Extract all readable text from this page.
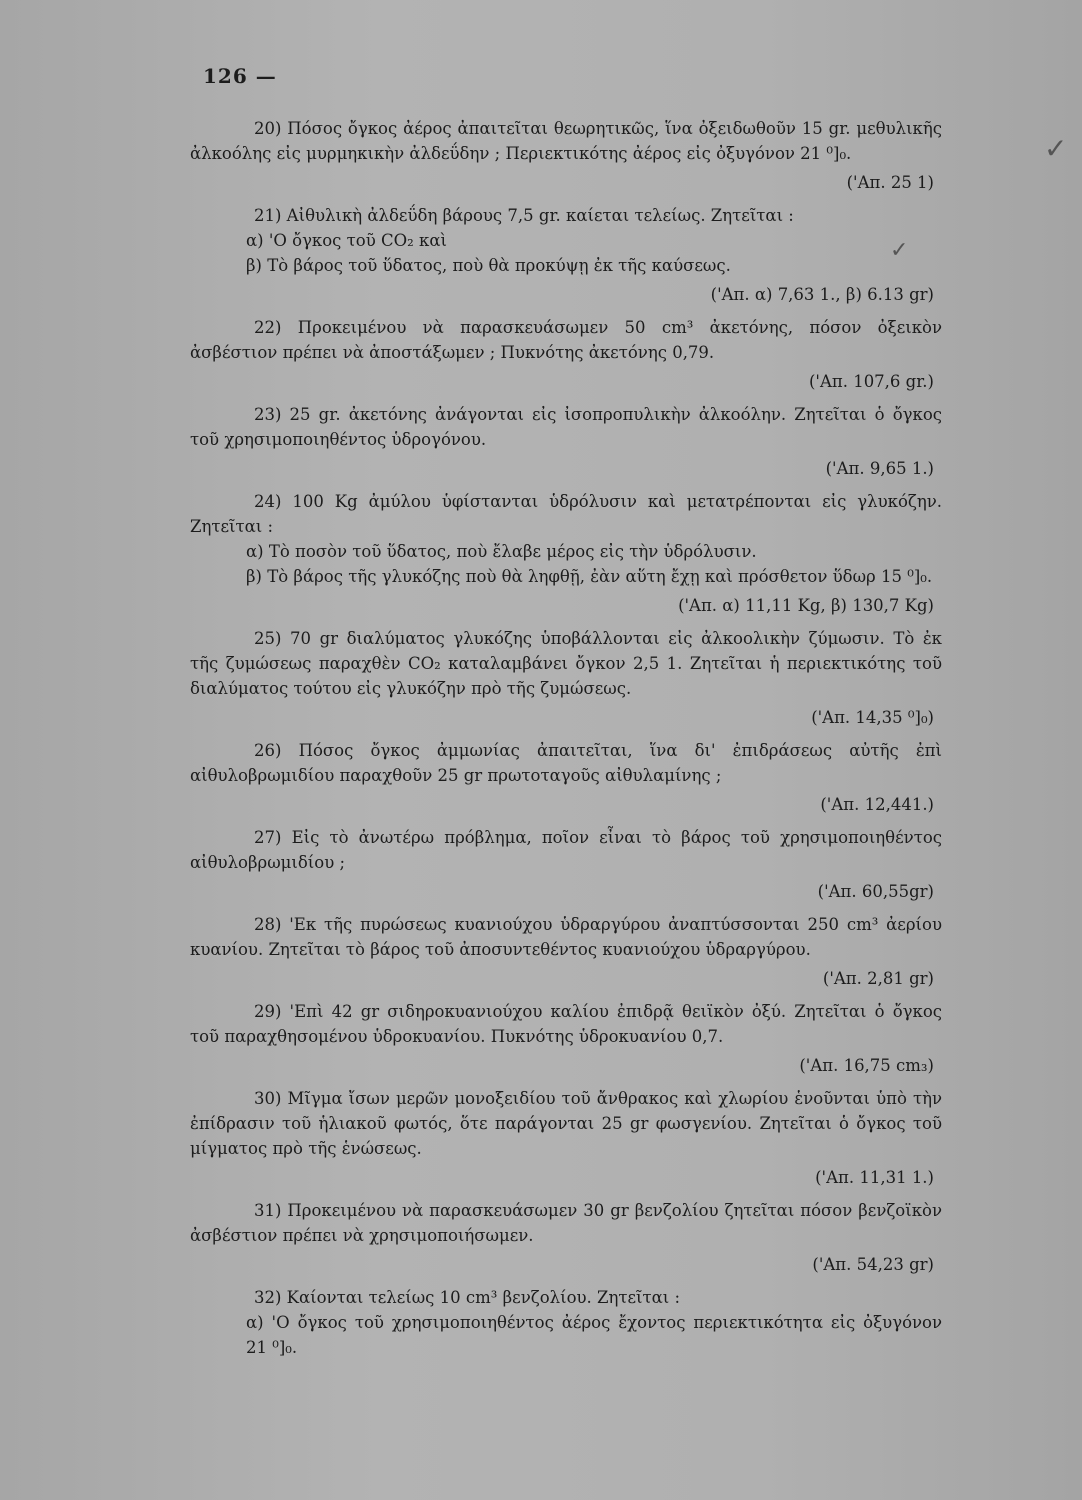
126 —
✓
✓

20) Πόσος ὄγκος ἀέρος ἀπαιτεῖται θεωρητικῶς, ἵνα ὀξειδωθοῦν 15 gr. μεθυλικῆς ἀλκοόλης εἰς μυρμηκικὴν ἀλδεΰδην ; Περιεκτικότης ἀέρος εἰς ὀξυγόνον 21 ⁰]₀.

('Απ. 25 1)

21) Αἰθυλικὴ ἀλδεΰδη βάρους 7,5 gr. καίεται τελείως. Ζητεῖται :

α) 'Ο ὄγκος τοῦ CO₂ καὶ

β) Τὸ βάρος τοῦ ὕδατος, ποὺ θὰ προκύψῃ ἐκ τῆς καύσεως.

('Απ. α) 7,63 1., β) 6.13 gr)

22) Προκειμένου νὰ παρασκευάσωμεν 50 cm³ ἀκετόνης, πόσον ὀξεικὸν ἀσβέστιον πρέπει νὰ ἀποστάξωμεν ; Πυκνότης ἀκετόνης 0,79.

('Απ. 107,6 gr.)

23) 25 gr. ἀκετόνης ἀνάγονται εἰς ἰσοπροπυλικὴν ἀλκοόλην. Ζητεῖται ὁ ὄγκος τοῦ χρησιμοποιηθέντος ὑδρογόνου.

('Απ. 9,65 1.)

24) 100 Kg ἀμύλου ὑφίστανται ὑδρόλυσιν καὶ μετατρέπονται εἰς γλυκόζην. Ζητεῖται :

α) Τὸ ποσὸν τοῦ ὕδατος, ποὺ ἔλαβε μέρος εἰς τὴν ὑδρόλυσιν.

β) Τὸ βάρος τῆς γλυκόζης ποὺ θὰ ληφθῇ, ἐὰν αὕτη ἔχῃ καὶ πρόσθετον ὕδωρ 15 ⁰]₀.

('Απ. α) 11,11 Kg, β) 130,7 Kg)

25) 70 gr διαλύματος γλυκόζης ὑποβάλλονται εἰς ἀλκοολικὴν ζύμωσιν. Τὸ ἐκ τῆς ζυμώσεως παραχθὲν CO₂ καταλαμβάνει ὄγκον 2,5 1. Ζητεῖται ἡ περιεκτικότης τοῦ διαλύματος τούτου εἰς γλυκόζην πρὸ τῆς ζυμώσεως.

('Απ. 14,35 ⁰]₀)

26) Πόσος ὄγκος ἀμμωνίας ἀπαιτεῖται, ἵνα δι' ἐπιδράσεως αὐτῆς ἐπὶ αἰθυλοβρωμιδίου παραχθοῦν 25 gr πρωτοταγοῦς αἰθυλαμίνης ;

('Απ. 12,441.)

27) Εἰς τὸ ἀνωτέρω πρόβλημα, ποῖον εἶναι τὸ βάρος τοῦ χρησιμοποιηθέντος αἰθυλοβρωμιδίου ;

('Απ. 60,55gr)

28) 'Εκ τῆς πυρώσεως κυανιούχου ὑδραργύρου ἀναπτύσσονται 250 cm³ ἀερίου κυανίου. Ζητεῖται τὸ βάρος τοῦ ἀποσυντεθέντος κυανιούχου ὑδραργύρου.

('Απ. 2,81 gr)

29) 'Επὶ 42 gr σιδηροκυανιούχου καλίου ἐπιδρᾷ θειϊκὸν ὀξύ. Ζητεῖται ὁ ὄγκος τοῦ παραχθησομένου ὑδροκυανίου. Πυκνότης ὑδροκυανίου 0,7.

('Απ. 16,75 cm₃)

30) Μῖγμα ἴσων μερῶν μονοξειδίου τοῦ ἄνθρακος καὶ χλωρίου ἑνοῦνται ὑπὸ τὴν ἐπίδρασιν τοῦ ἡλιακοῦ φωτός, ὅτε παράγονται 25 gr φωσγενίου. Ζητεῖται ὁ ὄγκος τοῦ μίγματος πρὸ τῆς ἑνώσεως.

('Απ. 11,31 1.)

31) Προκειμένου νὰ παρασκευάσωμεν 30 gr βενζολίου ζητεῖται πόσον βενζοϊκὸν ἀσβέστιον πρέπει νὰ χρησιμοποιήσωμεν.

('Απ. 54,23 gr)

32) Καίονται τελείως 10 cm³ βενζολίου. Ζητεῖται :

α) 'Ο ὄγκος τοῦ χρησιμοποιηθέντος ἀέρος ἔχοντος περιεκτικότητα εἰς ὀξυγόνον 21 ⁰]₀.
